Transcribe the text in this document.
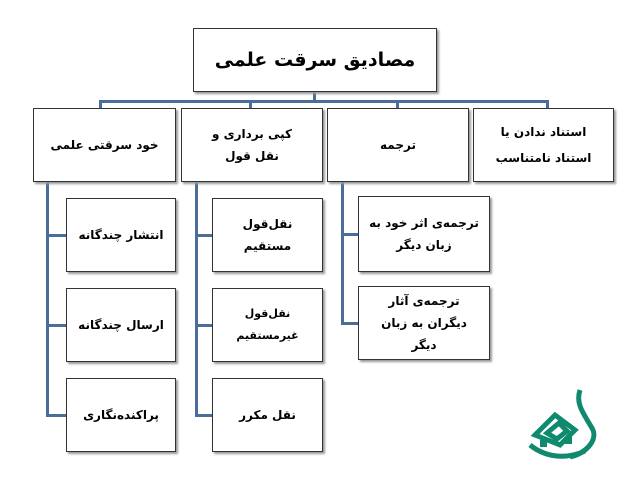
مصادیق سرقت علمی
خود سرقتی علمی
کپی برداری و نقل قول
ترجمه
استناد ندادن یا استناد نامتناسب
انتشار چندگانه
ارسال چندگانه
پراکنده‌نگاری
نقل‌قول مستقیم
نقل‌قول غیرمستقیم
نقل مکرر
ترجمه‌ی اثر خود به زبان دیگر
ترجمه‌ی آثار دیگران به زبان دیگر
